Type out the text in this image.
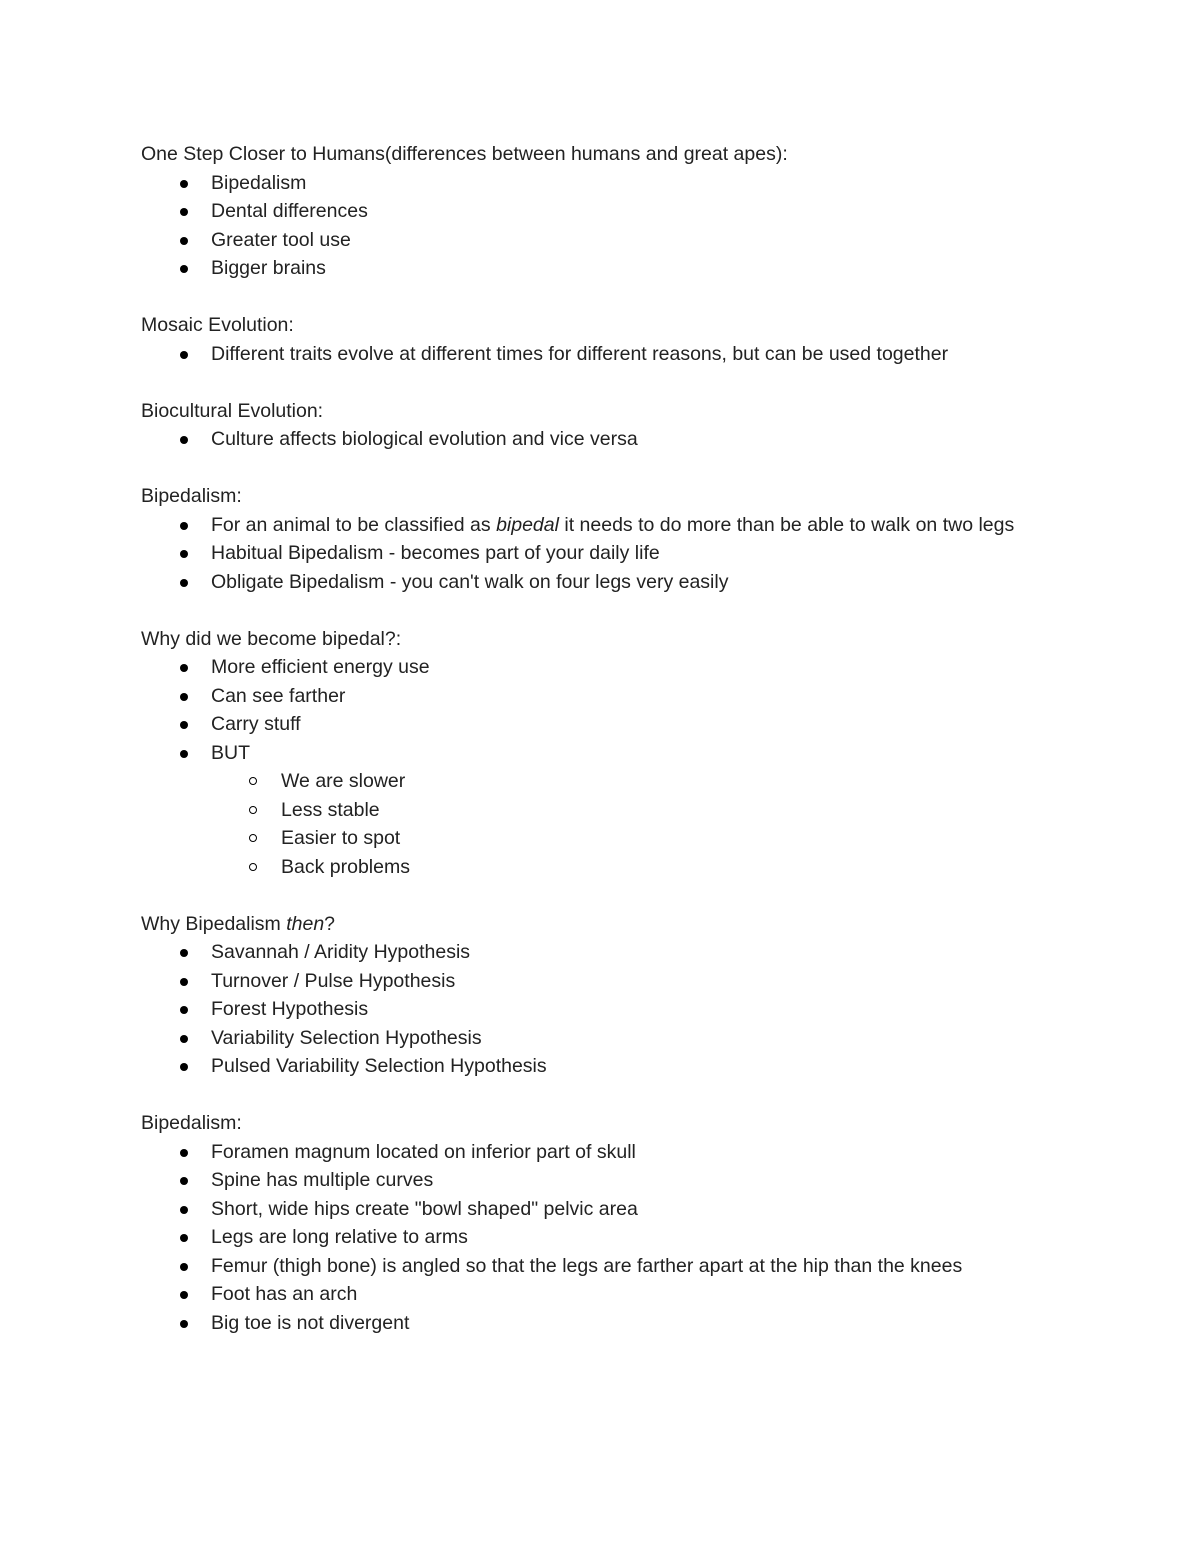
One Step Closer to Humans(differences between humans and great apes):

Bipedalism
Dental differences
Greater tool use
Bigger brains

Mosaic Evolution:

Different traits evolve at different times for different reasons, but can be used together

Biocultural Evolution:

Culture affects biological evolution and vice versa

Bipedalism:

For an animal to be classified as bipedal it needs to do more than be able to walk on two legs
Habitual Bipedalism - becomes part of your daily life
Obligate Bipedalism - you can't walk on four legs very easily

Why did we become bipedal?:

More efficient energy use
Can see farther
Carry stuff
BUT
We are slower
Less stable
Easier to spot
Back problems

Why Bipedalism then?

Savannah / Aridity Hypothesis
Turnover / Pulse Hypothesis
Forest Hypothesis
Variability Selection Hypothesis
Pulsed Variability Selection Hypothesis

Bipedalism:

Foramen magnum located on inferior part of skull
Spine has multiple curves
Short, wide hips create "bowl shaped" pelvic area
Legs are long relative to arms
Femur (thigh bone) is angled so that the legs are farther apart at the hip than the knees
Foot has an arch
Big toe is not divergent
